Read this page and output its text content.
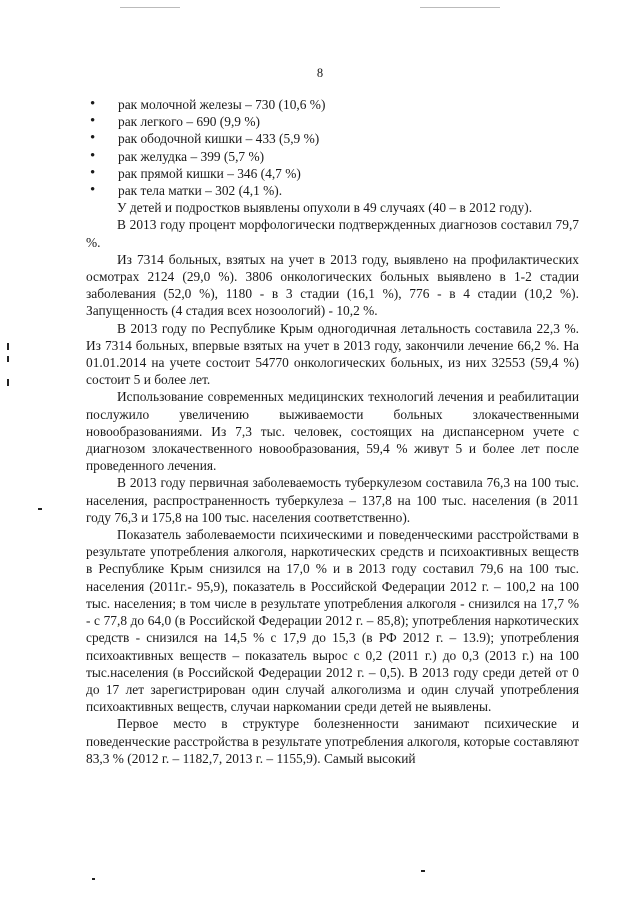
8
• рак молочной железы – 730 (10,6 %)
• рак легкого – 690 (9,9 %)
• рак ободочной кишки – 433 (5,9 %)
• рак желудка – 399 (5,7 %)
• рак прямой кишки – 346 (4,7 %)
• рак тела матки – 302 (4,1 %).

У детей и подростков выявлены опухоли в 49 случаях (40 – в 2012 году).

В 2013 году процент морфологически подтвержденных диагнозов составил 79,7 %.

Из 7314 больных, взятых на учет в 2013 году, выявлено на профилактических осмотрах 2124 (29,0 %). 3806 онкологических больных выявлено в 1-2 стадии заболевания (52,0 %), 1180 - в 3 стадии (16,1 %), 776 - в 4 стадии (10,2 %). Запущенность (4 стадия всех нозоологий) - 10,2 %.

В 2013 году по Республике Крым одногодичная летальность составила 22,3 %. Из 7314 больных, впервые взятых на учет в 2013 году, закончили лечение 66,2 %. На 01.01.2014 на учете состоит 54770 онкологических больных, из них 32553 (59,4 %) состоит 5 и более лет.

Использование современных медицинских технологий лечения и реабилитации послужило увеличению выживаемости больных злокачественными новообразованиями. Из 7,3 тыс. человек, состоящих на диспансерном учете с диагнозом злокачественного новообразования, 59,4 % живут 5 и более лет после проведенного лечения.

В 2013 году первичная заболеваемость туберкулезом составила 76,3 на 100 тыс. населения, распространенность туберкулеза – 137,8 на 100 тыс. населения (в 2011 году 76,3 и 175,8 на 100 тыс. населения соответственно).

Показатель заболеваемости психическими и поведенческими расстройствами в результате употребления алкоголя, наркотических средств и психоактивных веществ в Республике Крым снизился на 17,0 % и в 2013 году составил 79,6 на 100 тыс. населения (2011г.- 95,9), показатель в Российской Федерации 2012 г. – 100,2 на 100 тыс. населения; в том числе в результате употребления алкоголя - снизился на 17,7 % - с 77,8 до 64,0 (в Российской Федерации 2012 г. – 85,8); употребления наркотических средств - снизился на 14,5 % с 17,9 до 15,3 (в РФ 2012 г. – 13.9); употребления психоактивных веществ – показатель вырос с 0,2 (2011 г.) до 0,3 (2013 г.) на 100 тыс.населения (в Российской Федерации 2012 г. – 0,5). В 2013 году среди детей от 0 до 17 лет зарегистрирован один случай алкоголизма и один случай употребления психоактивных веществ, случаи наркомании среди детей не выявлены.

Первое место в структуре болезненности занимают психические и поведенческие расстройства в результате употребления алкоголя, которые составляют 83,3 % (2012 г. – 1182,7, 2013 г. – 1155,9). Самый высокий
